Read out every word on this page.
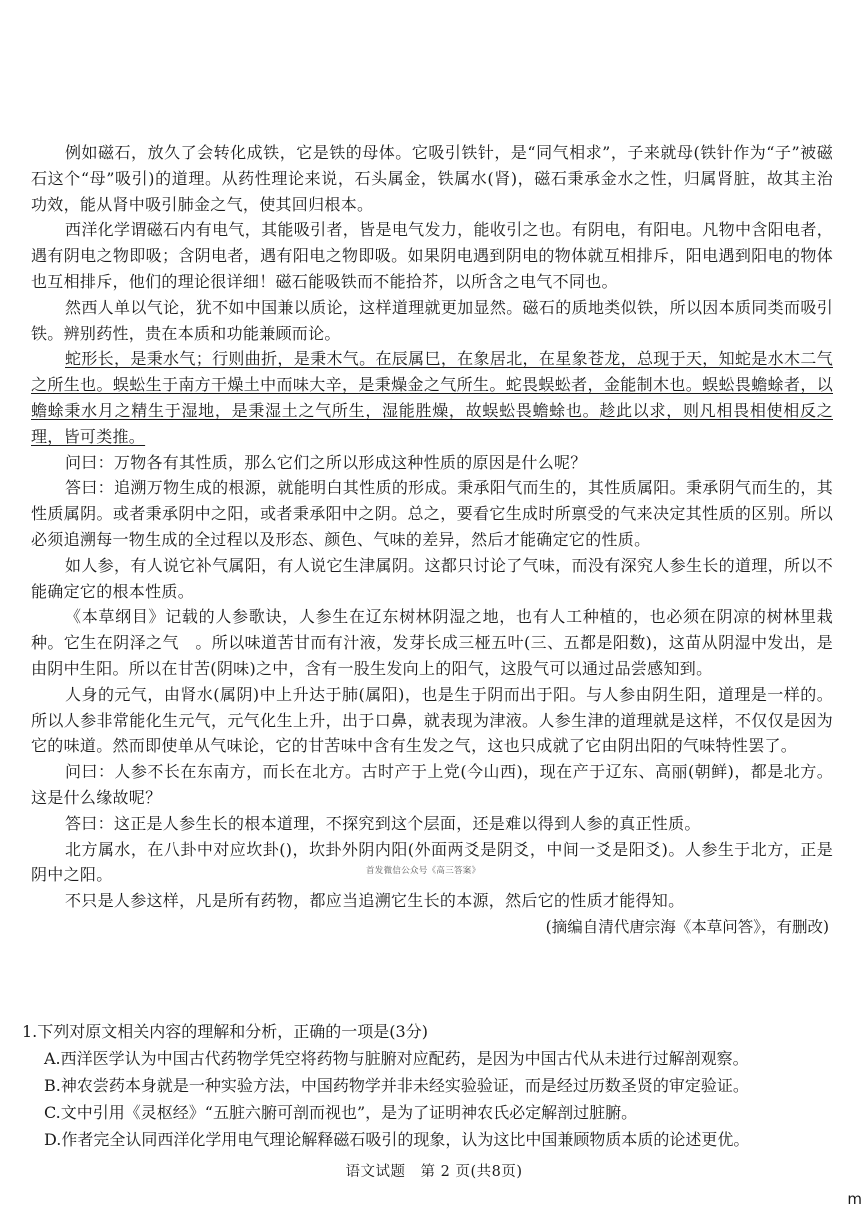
例如磁石，放久了会转化成铁，它是铁的母体。它吸引铁针，是“同气相求”，子来就母(铁针作为“子”被磁石这个“母”吸引)的道理。从药性理论来说，石头属金，铁属水(肾)，磁石秉承金水之性，归属肾脏，故其主治功效，能从肾中吸引肺金之气，使其回归根本。

西洋化学谓磁石内有电气，其能吸引者，皆是电气发力，能收引之也。有阴电，有阳电。凡物中含阳电者，遇有阴电之物即吸；含阴电者，遇有阳电之物即吸。如果阴电遇到阴电的物体就互相排斥，阳电遇到阳电的物体也互相排斥，他们的理论很详细！磁石能吸铁而不能拾芥，以所含之电气不同也。

然西人单以气论，犹不如中国兼以质论，这样道理就更加显然。磁石的质地类似铁，所以因本质同类而吸引铁。辨别药性，贵在本质和功能兼顾而论。

蛇形长，是秉水气；行则曲折，是秉木气。在辰属巳，在象居北，在星象苍龙，总现于天，知蛇是水木二气之所生也。蜈蚣生于南方干燥土中而味大辛，是秉燥金之气所生。蛇畏蜈蚣者，金能制木也。蜈蚣畏蟾蜍者，以蟾蜍秉水月之精生于湿地，是秉湿土之气所生，湿能胜燥，故蜈蚣畏蟾蜍也。趁此以求，则凡相畏相使相反之理，皆可类推。

问曰：万物各有其性质，那么它们之所以形成这种性质的原因是什么呢？

答曰：追溯万物生成的根源，就能明白其性质的形成。秉承阳气而生的，其性质属阳。秉承阴气而生的，其性质属阴。或者秉承阴中之阳，或者秉承阳中之阴。总之，要看它生成时所禀受的气来决定其性质的区别。所以必须追溯每一物生成的全过程以及形态、颜色、气味的差异，然后才能确定它的性质。

如人参，有人说它补气属阳，有人说它生津属阴。这都只讨论了气味，而没有深究人参生长的道理，所以不能确定它的根本性质。

《本草纲目》记载的人参歌诀，人参生在辽东树林阴湿之地，也有人工种植的，也必须在阴凉的树林里栽种。它生在阴泽之气　。所以味道苦甘而有汁液，发芽长成三桠五叶(三、五都是阳数)，这苗从阴湿中发出，是由阴中生阳。所以在甘苦(阴味)之中，含有一股生发向上的阳气，这股气可以通过品尝感知到。

人身的元气，由肾水(属阴)中上升达于肺(属阳)，也是生于阴而出于阳。与人参由阴生阳，道理是一样的。所以人参非常能化生元气，元气化生上升，出于口鼻，就表现为津液。人参生津的道理就是这样，不仅仅是因为它的味道。然而即使单从气味论，它的甘苦味中含有生发之气，这也只成就了它由阴出阳的气味特性罢了。

问曰：人参不长在东南方，而长在北方。古时产于上党(今山西)，现在产于辽东、高丽(朝鲜)，都是北方。这是什么缘故呢？

答曰：这正是人参生长的根本道理，不探究到这个层面，还是难以得到人参的真正性质。

北方属水，在八卦中对应坎卦()，坎卦外阴内阳(外面两爻是阴爻，中间一爻是阳爻)。人参生于北方，正是阴中之阳。

不只是人参这样，凡是所有药物，都应当追溯它生长的本源，然后它的性质才能得知。

(摘编自清代唐宗海《本草问答》，有删改)

首发微信公众号《高三答案》

1.下列对原文相关内容的理解和分析，正确的一项是(3分)

A.西洋医学认为中国古代药物学凭空将药物与脏腑对应配药，是因为中国古代从未进行过解剖观察。

B.神农尝药本身就是一种实验方法，中国药物学并非未经实验验证，而是经过历数圣贤的审定验证。

C.文中引用《灵枢经》“五脏六腑可剖而视也”，是为了证明神农氏必定解剖过脏腑。

D.作者完全认同西洋化学用电气理论解释磁石吸引的现象，认为这比中国兼顾物质本质的论述更优。

语文试题　第 2 页(共8页)
m
